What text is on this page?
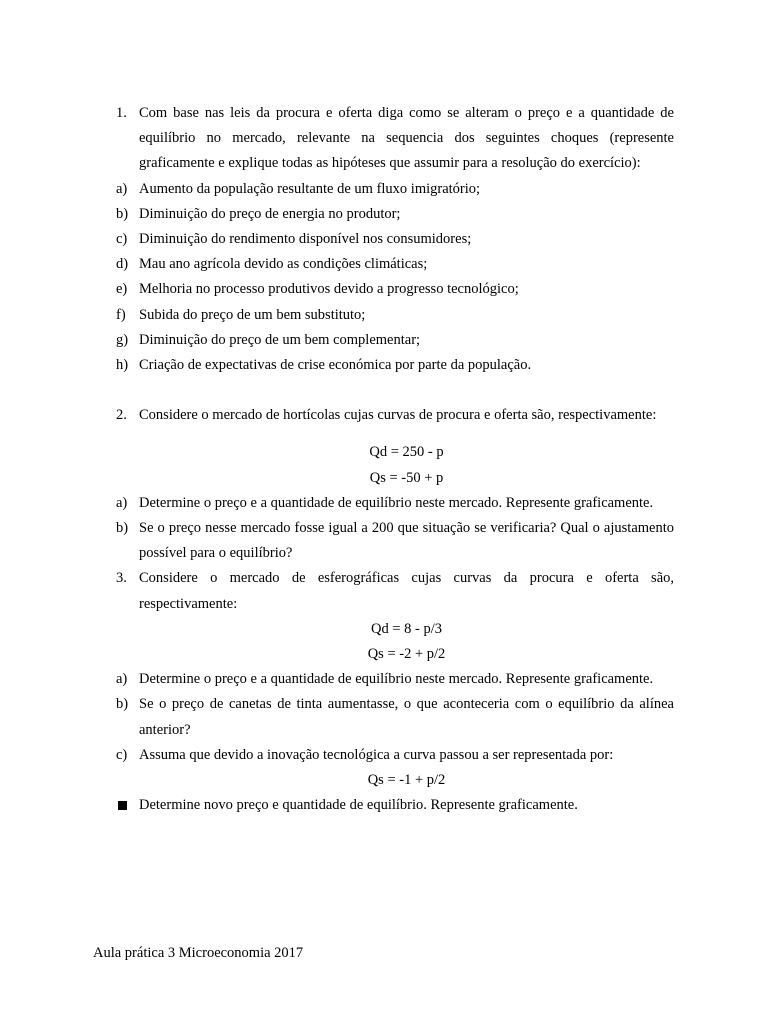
1. Com base nas leis da procura e oferta diga como se alteram o preço e a quantidade de equilíbrio no mercado, relevante na sequencia dos seguintes choques (represente graficamente e explique todas as hipóteses que assumir para a resolução do exercício):
a) Aumento da população resultante de um fluxo imigratório;
b) Diminuição do preço de energia no produtor;
c) Diminuição do rendimento disponível nos consumidores;
d) Mau ano agrícola devido as condições climáticas;
e) Melhoria no processo produtivos devido a progresso tecnológico;
f) Subida do preço de um bem substituto;
g) Diminuição do preço de um bem complementar;
h) Criação de expectativas de crise económica por parte da população.
2. Considere o mercado de hortícolas cujas curvas de procura e oferta são, respectivamente:
Qd = 250 - p
Qs = -50 + p
a) Determine o preço e a quantidade de equilíbrio neste mercado. Represente graficamente.
b) Se o preço nesse mercado fosse igual a 200 que situação se verificaria? Qual o ajustamento possível para o equilíbrio?
3. Considere o mercado de esferográficas cujas curvas da procura e oferta são, respectivamente:
Qd = 8 - p/3
Qs = -2 + p/2
a) Determine o preço e a quantidade de equilíbrio neste mercado. Represente graficamente.
b) Se o preço de canetas de tinta aumentasse, o que aconteceria com o equilíbrio da alínea anterior?
c) Assuma que devido a inovação tecnológica a curva passou a ser representada por:
Qs = -1 + p/2
Determine novo preço e quantidade de equilíbrio. Represente graficamente.
Aula prática 3 Microeconomia 2017
